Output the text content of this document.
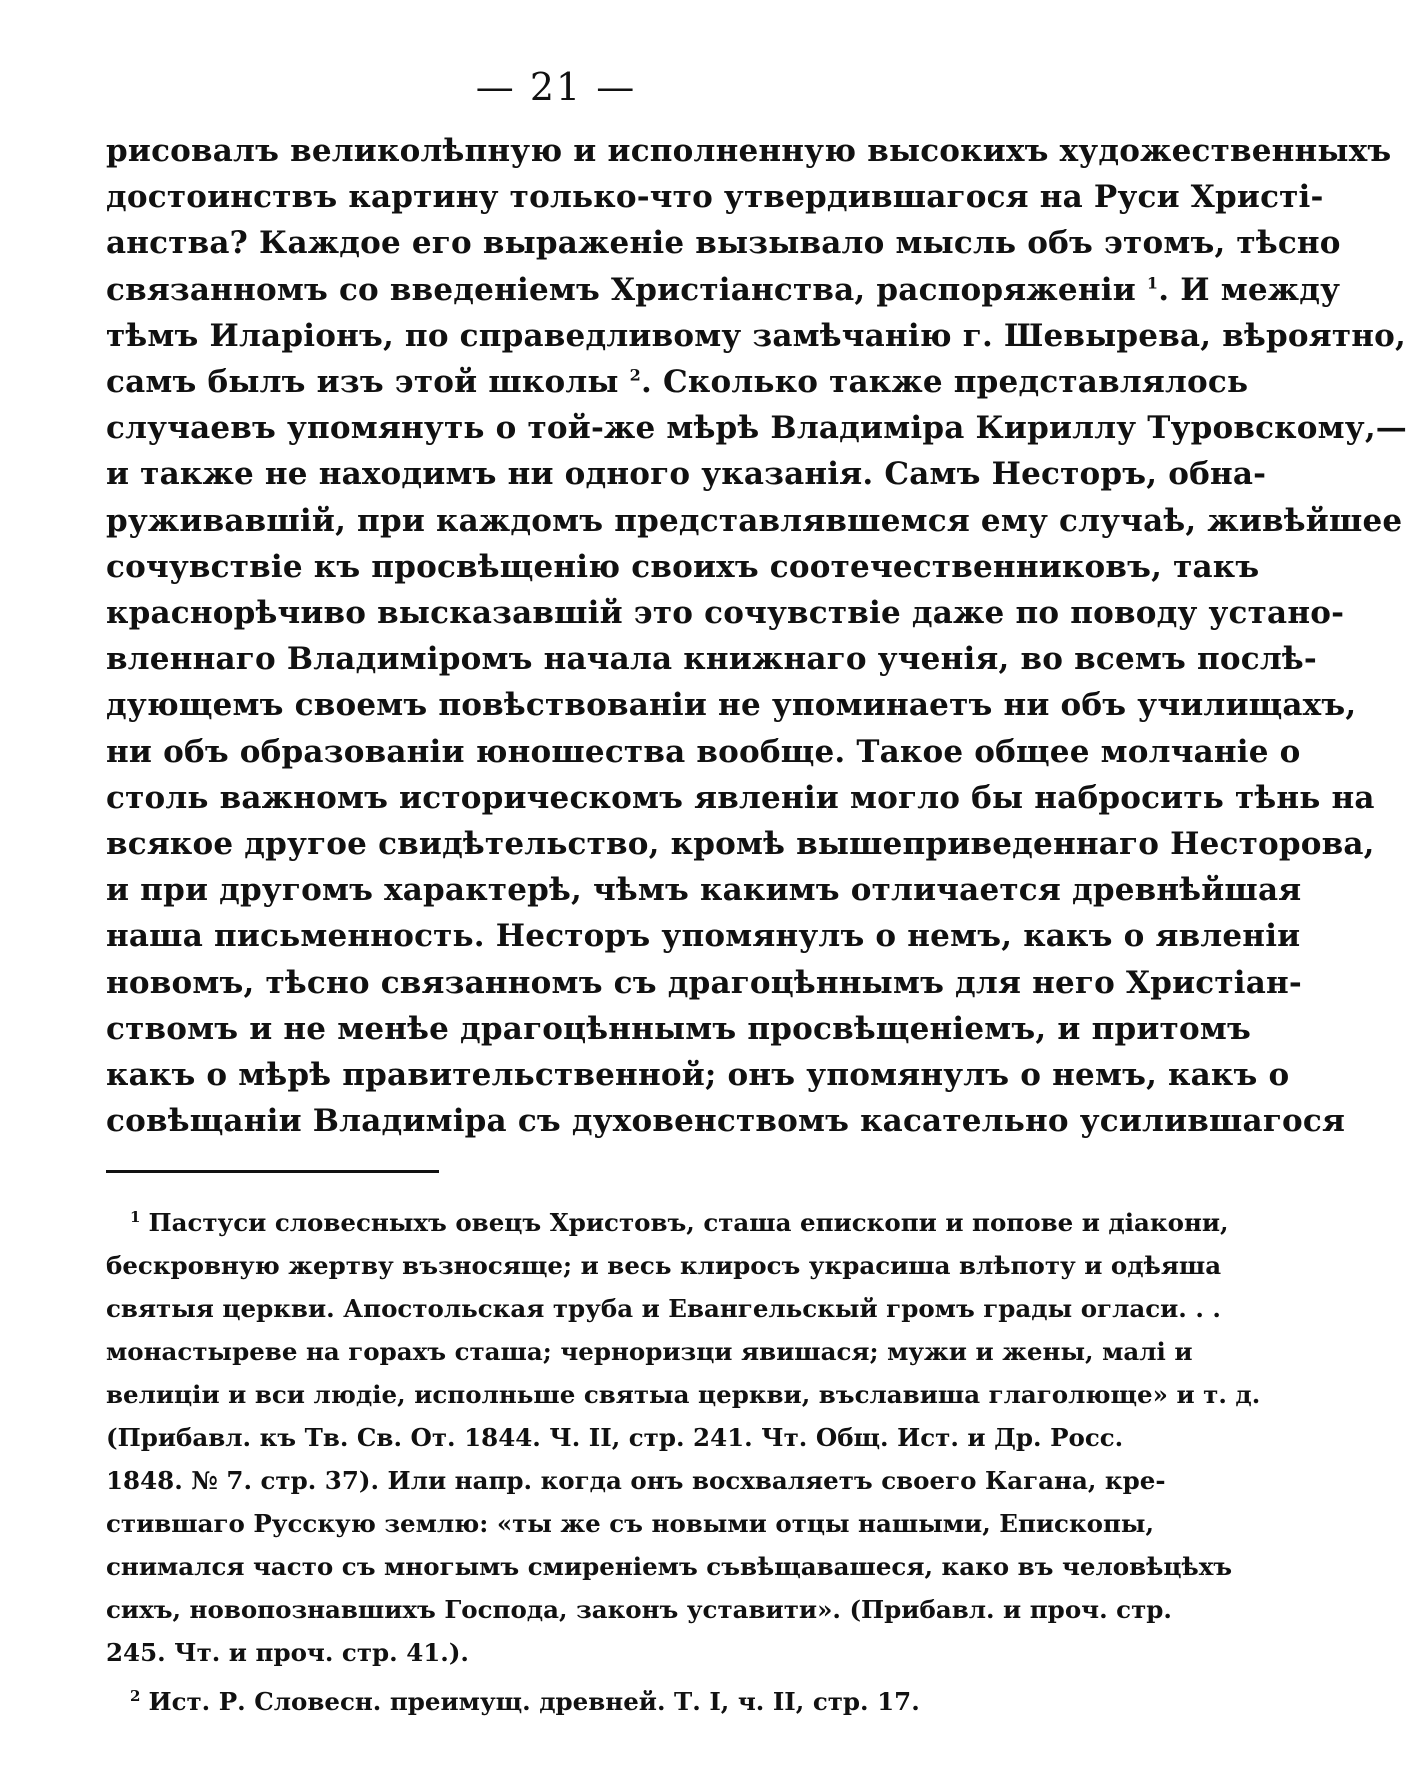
— 21 —
рисовалъ великолѣпную и исполненную высокихъ художественныхъ
достоинствъ картину только-что утвердившагося на Руси Христі-
анства? Каждое его выраженіе вызывало мысль объ этомъ, тѣсно
связанномъ со введеніемъ Христіанства, распоряженіи $^1$. И между
тѣмъ Иларіонъ, по справедливому замѣчанію г. Шевырева, вѣроятно,
самъ былъ изъ этой школы $^2$. Сколько также представлялось
случаевъ упомянуть о той-же мѣрѣ Владиміра Кириллу Туровскому,—
и также не находимъ ни одного указанія. Самъ Несторъ, обна-
руживавшій, при каждомъ представлявшемся ему случаѣ, живѣйшее
сочувствіе къ просвѣщенію своихъ соотечественниковъ, такъ
краснорѣчиво высказавшій это сочувствіе даже по поводу устано-
вленнаго Владиміромъ начала книжнаго ученія, во всемъ послѣ-
дующемъ своемъ повѣствованіи не упоминаетъ ни объ училищахъ,
ни объ образованіи юношества вообще. Такое общее молчаніе о
столь важномъ историческомъ явленіи могло бы набросить тѣнь на
всякое другое свидѣтельство, кромѣ вышеприведеннаго Несторова,
и при другомъ характерѣ, чѣмъ какимъ отличается древнѣйшая
наша письменность. Несторъ упомянулъ о немъ, какъ о явленіи
новомъ, тѣсно связанномъ съ драгоцѣннымъ для него Христіан-
ствомъ и не менѣе драгоцѣннымъ просвѣщеніемъ, и притомъ
какъ о мѣрѣ правительственной; онъ упомянулъ о немъ, какъ о
совѣщаніи Владиміра съ духовенствомъ касательно усилившагося
$^1$ Пастуси словесныхъ овецъ Христовъ, сташа епископи и попове и діакони,
бескровную жертву възносяще; и весь клиросъ украсиша влѣпоту и одѣяша
святыя церкви. Апостольская труба и Евангельскый громъ грады огласи. . .
монастыреве на горахъ сташа; черноризци явишася; мужи и жены, малі и
велиціи и вси людіе, исполньше святыа церкви, въславиша глаголюще» и т. д.
(Прибавл. къ Тв. Св. От. 1844. Ч. II, стр. 241. Чт. Общ. Ист. и Др. Росс.
1848. № 7. стр. 37). Или напр. когда онъ восхваляетъ своего Кагана, кре-
стившаго Русскую землю: «ты же съ новыми отцы нашыми, Епископы,
снимался часто съ многымъ смиреніемъ съвѣщавашеся, како въ человѣцѣхъ
сихъ, новопознавшихъ Господа, законъ уставити». (Прибавл. и проч. стр.
245. Чт. и проч. стр. 41.).
$^2$ Ист. Р. Словесн. преимущ. древней. Т. I, ч. II, стр. 17.
